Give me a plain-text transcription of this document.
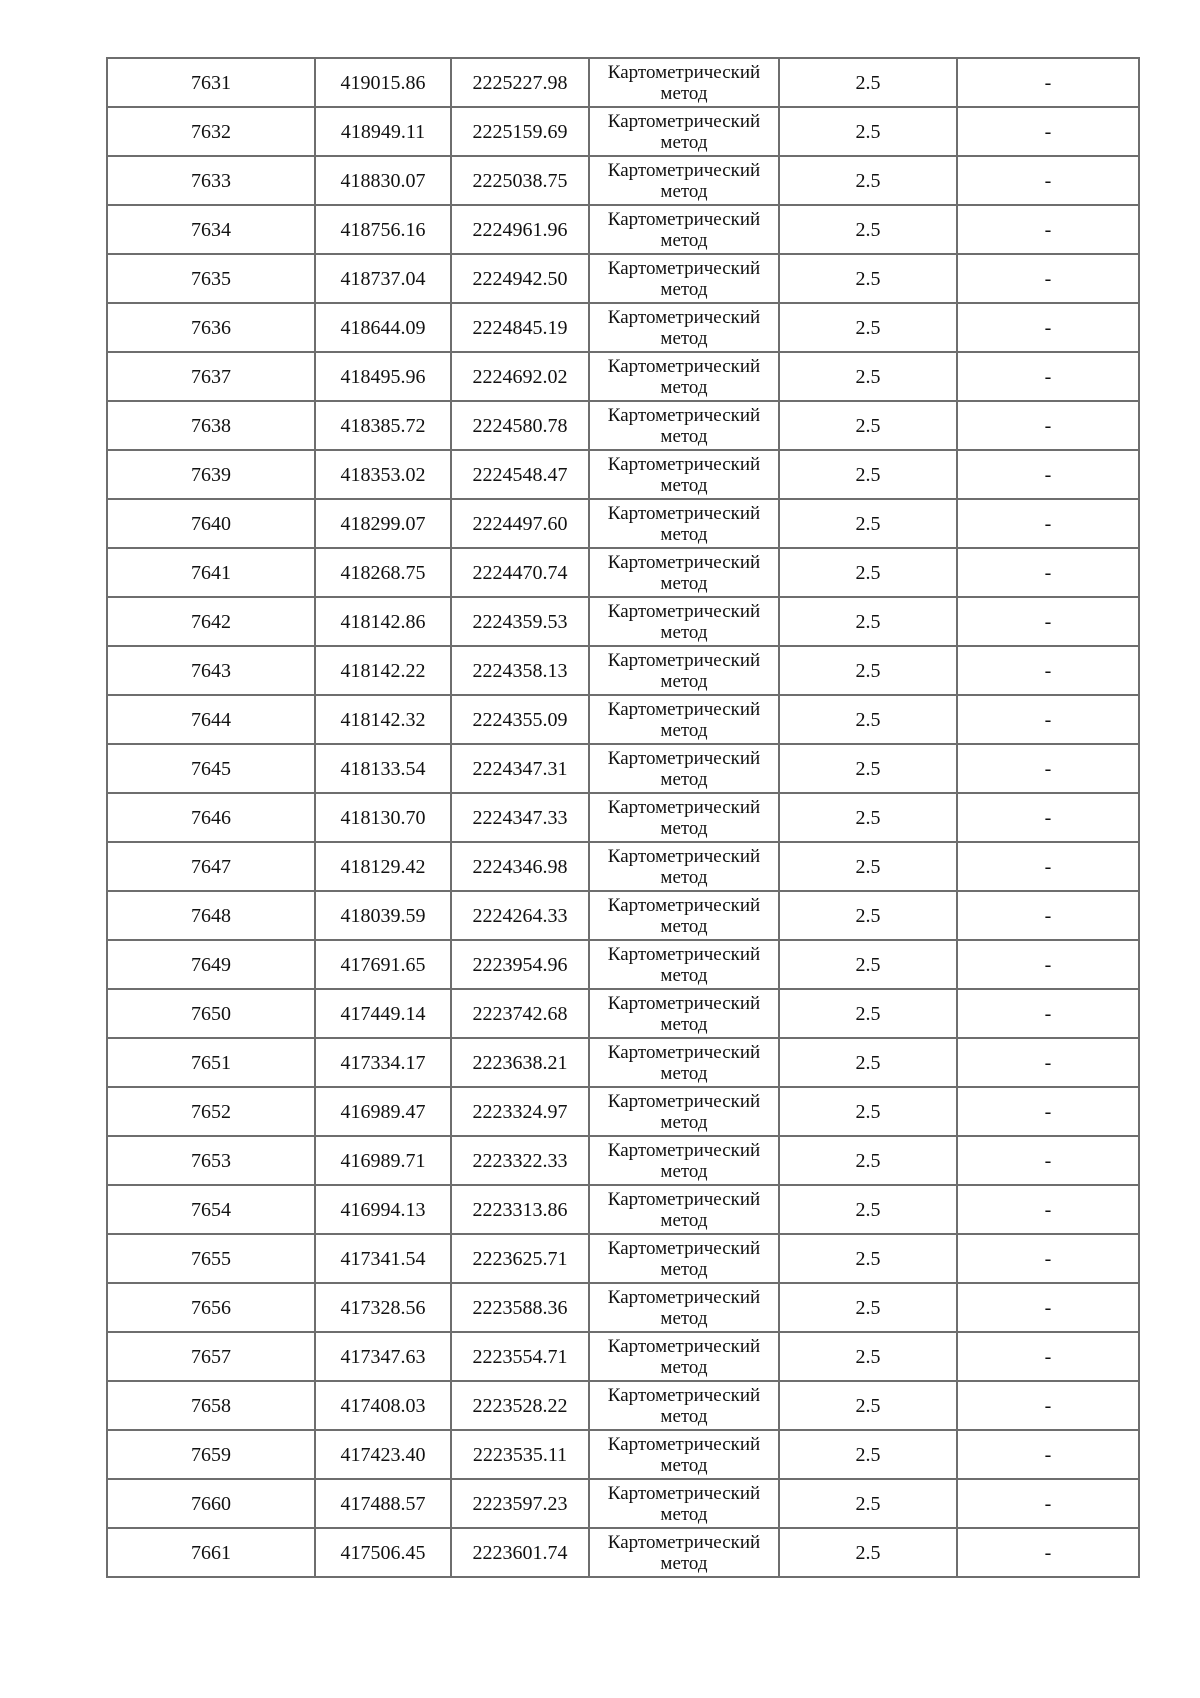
7631	419015.86	2225227.98	Картометрический метод	2.5	-
7632	418949.11	2225159.69	Картометрический метод	2.5	-
7633	418830.07	2225038.75	Картометрический метод	2.5	-
7634	418756.16	2224961.96	Картометрический метод	2.5	-
7635	418737.04	2224942.50	Картометрический метод	2.5	-
7636	418644.09	2224845.19	Картометрический метод	2.5	-
7637	418495.96	2224692.02	Картометрический метод	2.5	-
7638	418385.72	2224580.78	Картометрический метод	2.5	-
7639	418353.02	2224548.47	Картометрический метод	2.5	-
7640	418299.07	2224497.60	Картометрический метод	2.5	-
7641	418268.75	2224470.74	Картометрический метод	2.5	-
7642	418142.86	2224359.53	Картометрический метод	2.5	-
7643	418142.22	2224358.13	Картометрический метод	2.5	-
7644	418142.32	2224355.09	Картометрический метод	2.5	-
7645	418133.54	2224347.31	Картометрический метод	2.5	-
7646	418130.70	2224347.33	Картометрический метод	2.5	-
7647	418129.42	2224346.98	Картометрический метод	2.5	-
7648	418039.59	2224264.33	Картометрический метод	2.5	-
7649	417691.65	2223954.96	Картометрический метод	2.5	-
7650	417449.14	2223742.68	Картометрический метод	2.5	-
7651	417334.17	2223638.21	Картометрический метод	2.5	-
7652	416989.47	2223324.97	Картометрический метод	2.5	-
7653	416989.71	2223322.33	Картометрический метод	2.5	-
7654	416994.13	2223313.86	Картометрический метод	2.5	-
7655	417341.54	2223625.71	Картометрический метод	2.5	-
7656	417328.56	2223588.36	Картометрический метод	2.5	-
7657	417347.63	2223554.71	Картометрический метод	2.5	-
7658	417408.03	2223528.22	Картометрический метод	2.5	-
7659	417423.40	2223535.11	Картометрический метод	2.5	-
7660	417488.57	2223597.23	Картометрический метод	2.5	-
7661	417506.45	2223601.74	Картометрический метод	2.5	-
